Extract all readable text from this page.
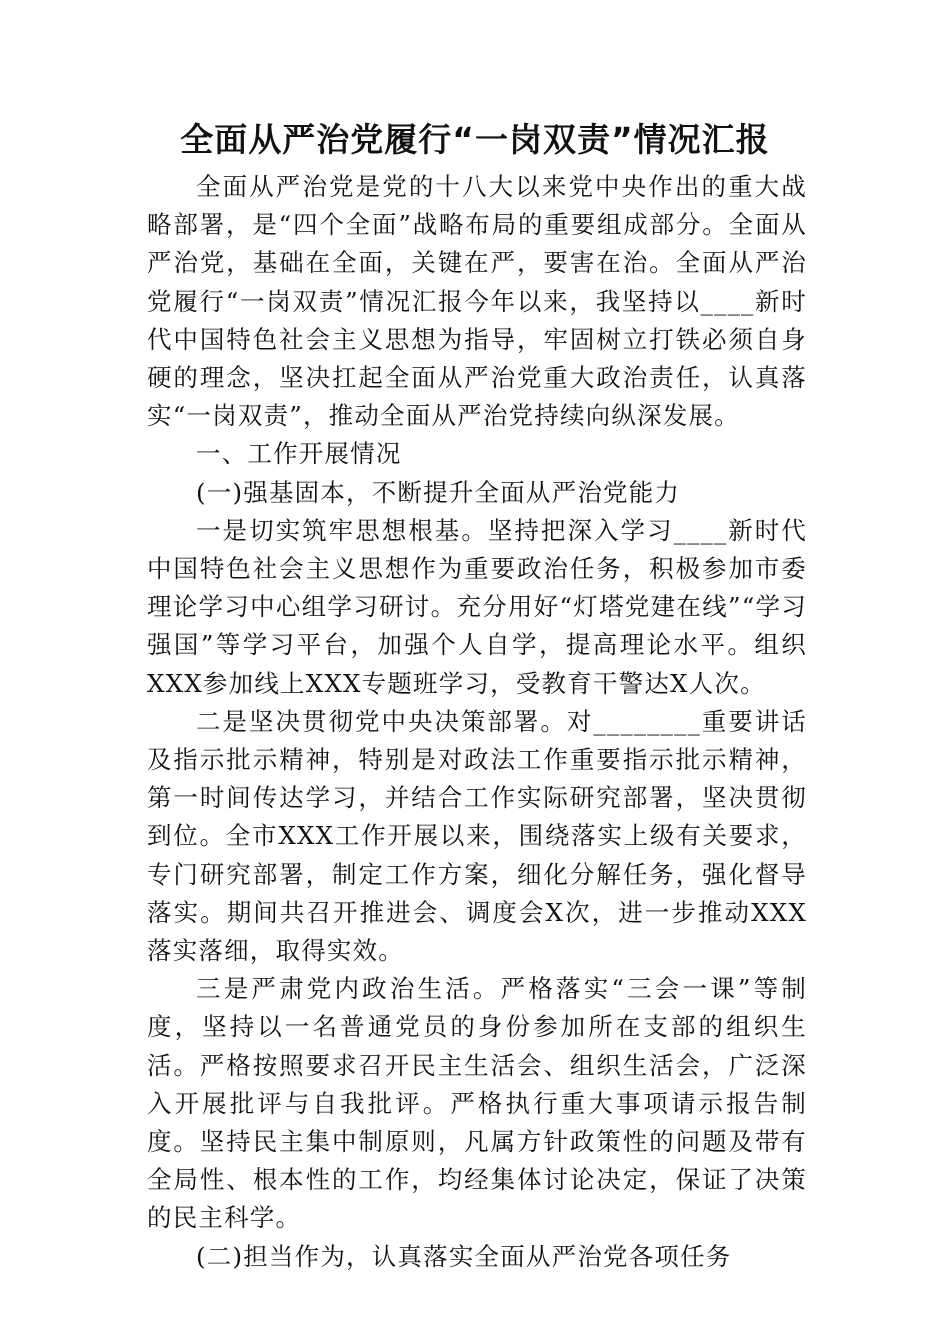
全面从严治党履行“一岗双责”情况汇报

全面从严治党是党的十八大以来党中央作出的重大战略部署，是“四个全面”战略布局的重要组成部分。全面从严治党，基础在全面，关键在严，要害在治。全面从严治党履行“一岗双责”情况汇报今年以来，我坚持以____新时代中国特色社会主义思想为指导，牢固树立打铁必须自身硬的理念，坚决扛起全面从严治党重大政治责任，认真落实“一岗双责”，推动全面从严治党持续向纵深发展。

一、工作开展情况

(一)强基固本，不断提升全面从严治党能力

一是切实筑牢思想根基。坚持把深入学习____新时代中国特色社会主义思想作为重要政治任务，积极参加市委理论学习中心组学习研讨。充分用好“灯塔党建在线”“学习强国”等学习平台，加强个人自学，提高理论水平。组织XXX参加线上XXX专题班学习，受教育干警达X人次。

二是坚决贯彻党中央决策部署。对________重要讲话及指示批示精神，特别是对政法工作重要指示批示精神，第一时间传达学习，并结合工作实际研究部署，坚决贯彻到位。全市XXX工作开展以来，围绕落实上级有关要求，专门研究部署，制定工作方案，细化分解任务，强化督导落实。期间共召开推进会、调度会X次，进一步推动XXX落实落细，取得实效。

三是严肃党内政治生活。严格落实“三会一课”等制度，坚持以一名普通党员的身份参加所在支部的组织生活。严格按照要求召开民主生活会、组织生活会，广泛深入开展批评与自我批评。严格执行重大事项请示报告制度。坚持民主集中制原则，凡属方针政策性的问题及带有全局性、根本性的工作，均经集体讨论决定，保证了决策的民主科学。

(二)担当作为，认真落实全面从严治党各项任务
